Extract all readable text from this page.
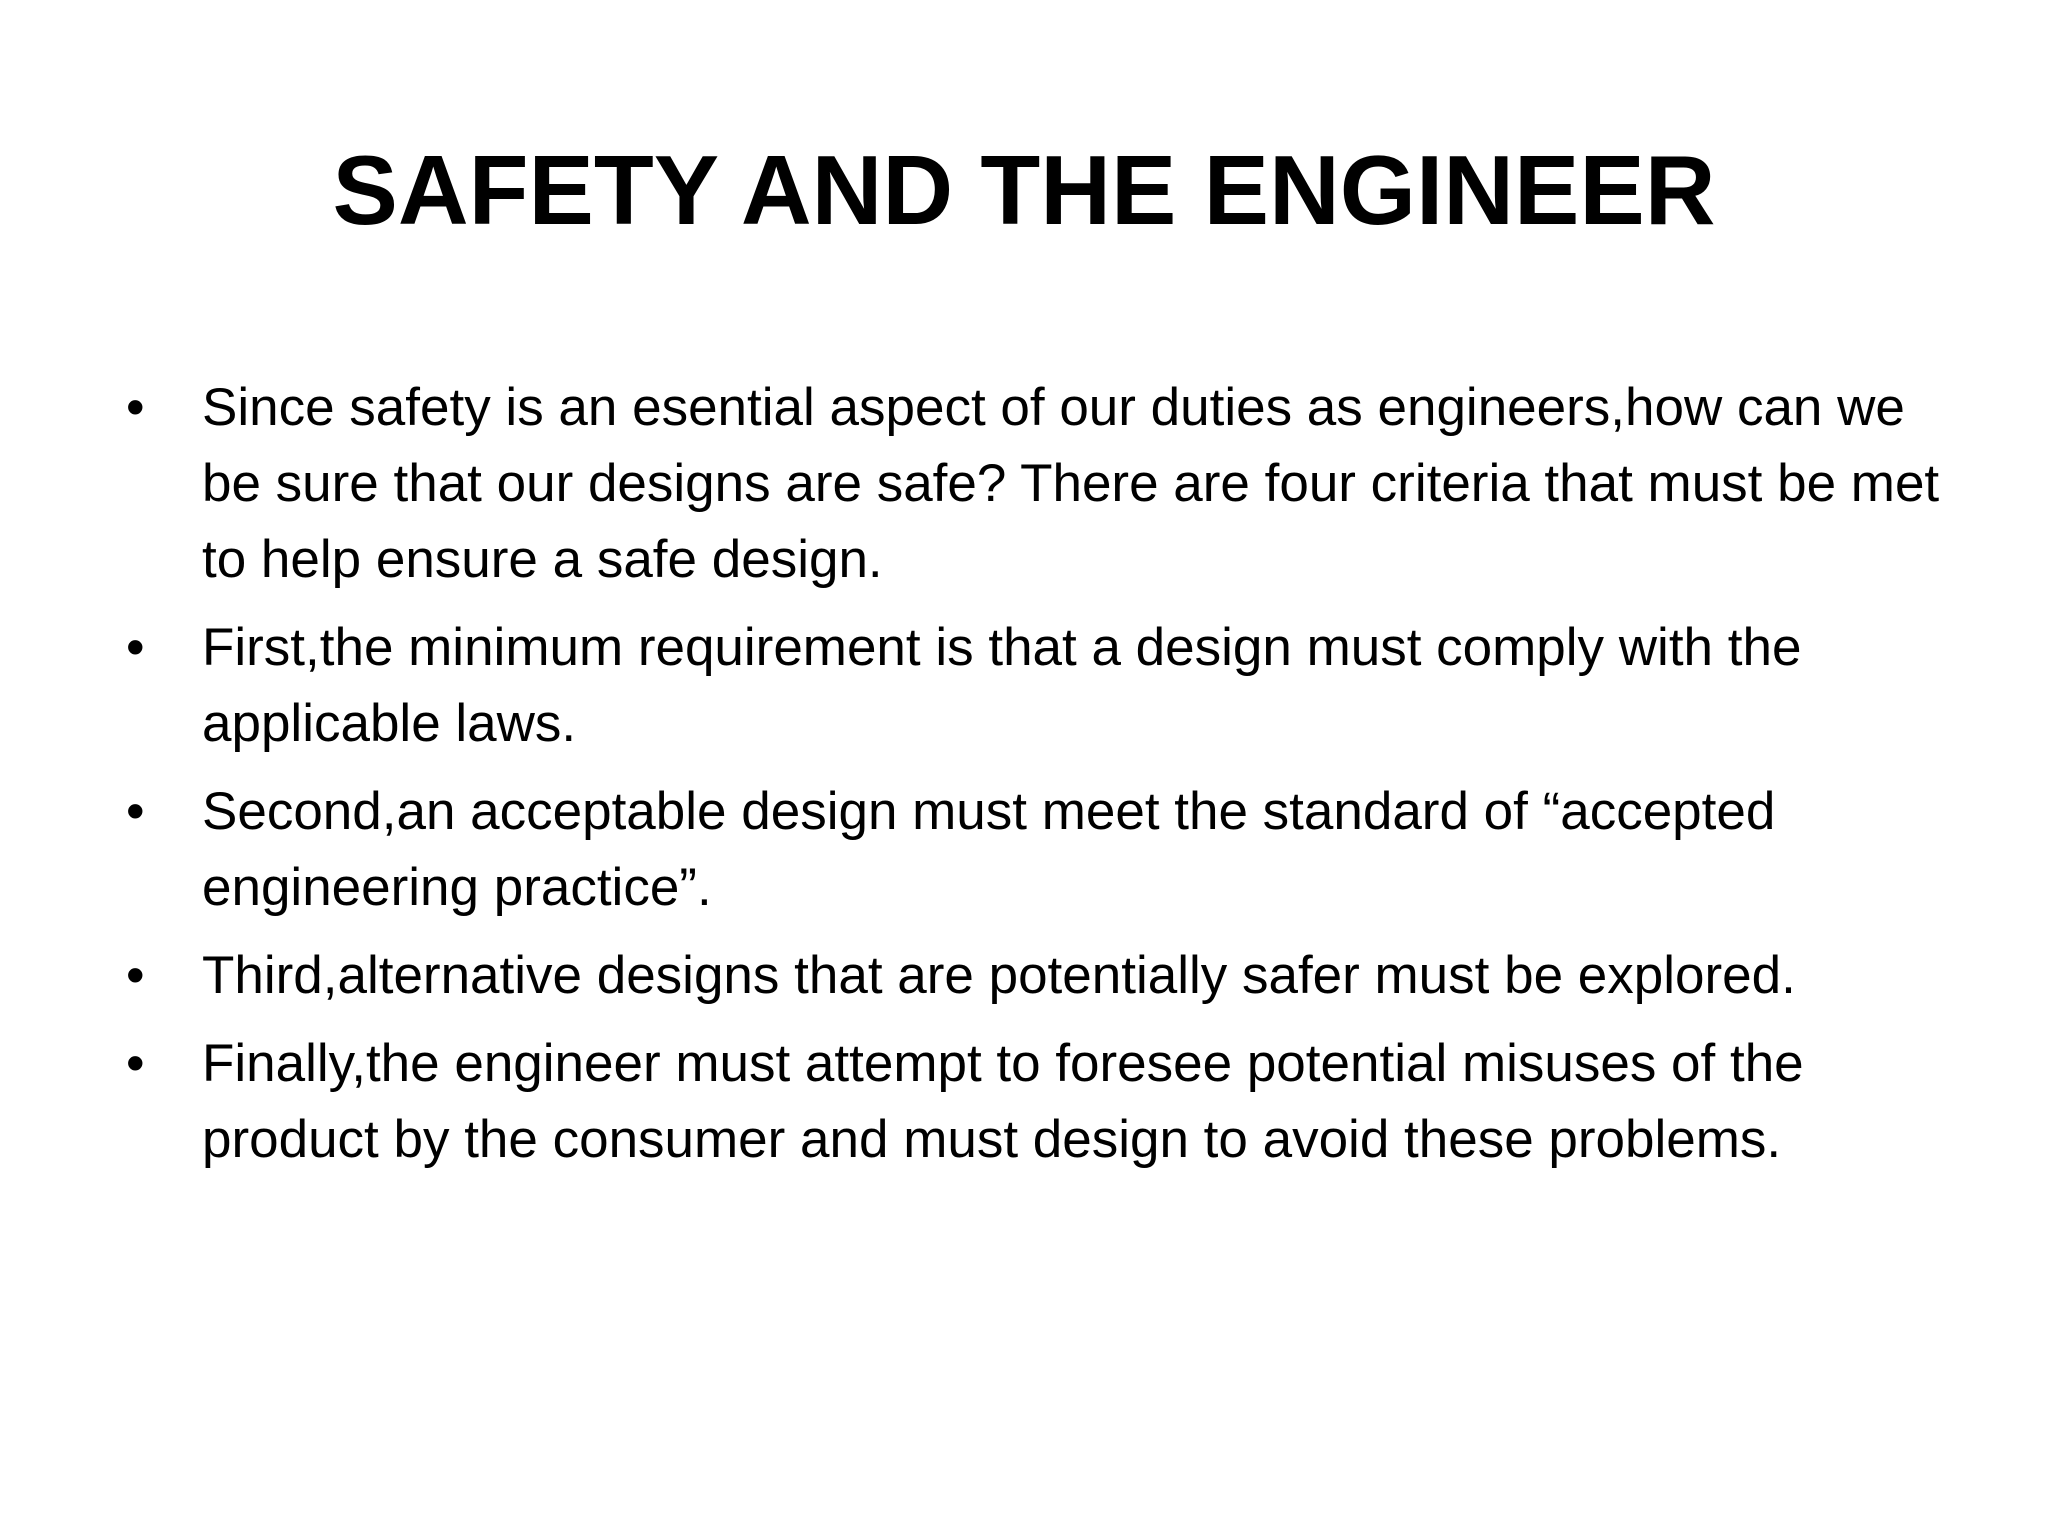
SAFETY AND THE ENGINEER
• Since safety is an esential aspect of our duties as engineers,how can we be sure that our designs are safe? There are four criteria that must be met to help ensure a safe design.
• First,the minimum requirement is that a design must comply with the applicable laws.
• Second,an acceptable design must meet the standard of “accepted engineering practice”.
• Third,alternative designs that are potentially safer must be explored.
• Finally,the engineer must attempt to foresee potential misuses of the product by the consumer and must design to avoid these problems.
